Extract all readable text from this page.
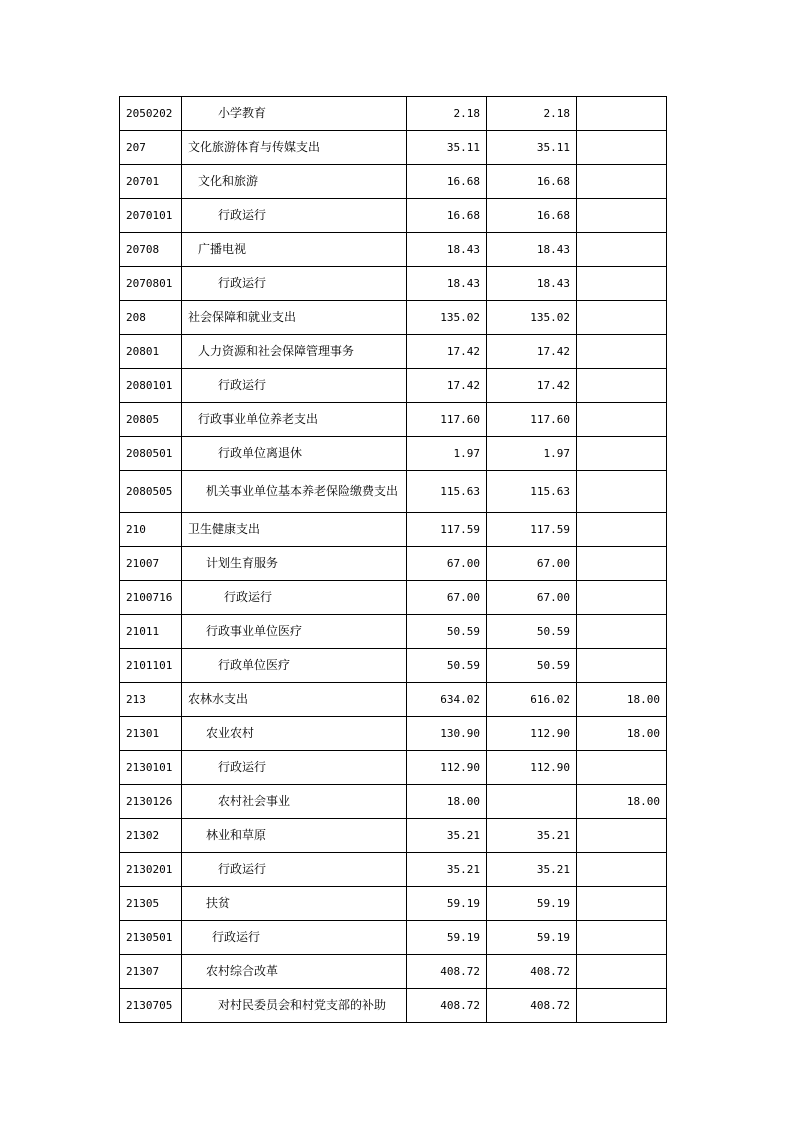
2050202	小学教育	2.18	2.18	
207	文化旅游体育与传媒支出	35.11	35.11	
20701	文化和旅游	16.68	16.68	
2070101	行政运行	16.68	16.68	
20708	广播电视	18.43	18.43	
2070801	行政运行	18.43	18.43	
208	社会保障和就业支出	135.02	135.02	
20801	人力资源和社会保障管理事务	17.42	17.42	
2080101	行政运行	17.42	17.42	
20805	行政事业单位养老支出	117.60	117.60	
2080501	行政单位离退休	1.97	1.97	
2080505	机关事业单位基本养老保险缴费支出	115.63	115.63	
210	卫生健康支出	117.59	117.59	
21007	计划生育服务	67.00	67.00	
2100716	行政运行	67.00	67.00	
21011	行政事业单位医疗	50.59	50.59	
2101101	行政单位医疗	50.59	50.59	
213	农林水支出	634.02	616.02	18.00
21301	农业农村	130.90	112.90	18.00
2130101	行政运行	112.90	112.90	
2130126	农村社会事业	18.00		18.00
21302	林业和草原	35.21	35.21	
2130201	行政运行	35.21	35.21	
21305	扶贫	59.19	59.19	
2130501	行政运行	59.19	59.19	
21307	农村综合改革	408.72	408.72	
2130705	对村民委员会和村党支部的补助	408.72	408.72	
